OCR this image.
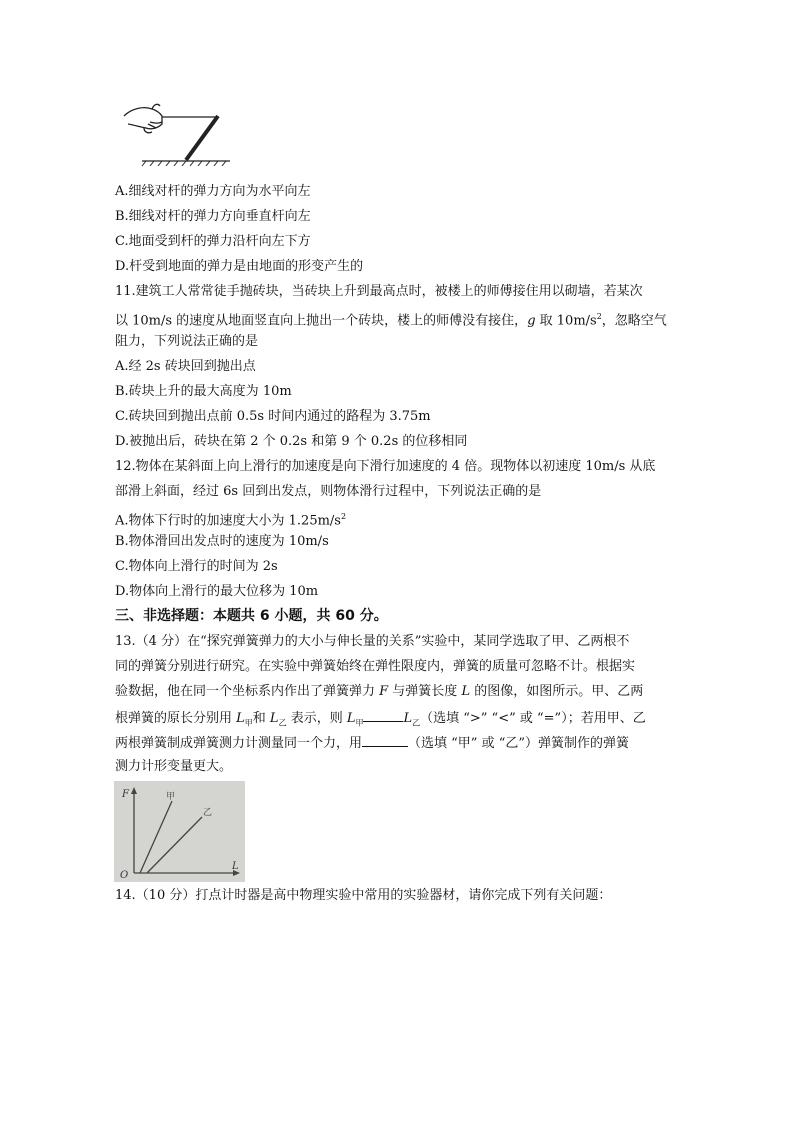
A.细线对杆的弹力方向为水平向左
B.细线对杆的弹力方向垂直杆向左
C.地面受到杆的弹力沿杆向左下方
D.杆受到地面的弹力是由地面的形变产生的
11.建筑工人常常徒手抛砖块，当砖块上升到最高点时，被楼上的师傅接住用以砌墙，若某次
以 10m/s 的速度从地面竖直向上抛出一个砖块，楼上的师傅没有接住，g 取 $10m/s^2$，忽略空气
阻力，下列说法正确的是
A.经 2s 砖块回到抛出点
B.砖块上升的最大高度为 10m
C.砖块回到抛出点前 0.5s 时间内通过的路程为 3.75m
D.被抛出后，砖块在第 2 个 0.2s 和第 9 个 0.2s 的位移相同
12.物体在某斜面上向上滑行的加速度是向下滑行加速度的 4 倍。现物体以初速度 10m/s 从底
部滑上斜面，经过 6s 回到出发点，则物体滑行过程中，下列说法正确的是
A.物体下行时的加速度大小为 $1.25m/s^2$
B.物体滑回出发点时的速度为 10m/s
C.物体向上滑行的时间为 2s
D.物体向上滑行的最大位移为 10m
三、非选择题：本题共 6 小题，共 60 分。
13.（4 分）在“探究弹簧弹力的大小与伸长量的关系”实验中，某同学选取了甲、乙两根不
同的弹簧分别进行研究。在实验中弹簧始终在弹性限度内，弹簧的质量可忽略不计。根据实
验数据，他在同一个坐标系内作出了弹簧弹力 F 与弹簧长度 L 的图像，如图所示。甲、乙两
根弹簧的原长分别用 $L_甲$和 $L_乙$ 表示，则 $L_甲$	$L_乙$（选填 “>” “<” 或 “=”）；若用甲、乙
两根弹簧制成弹簧测力计测量同一个力，用	（选填 “甲” 或 “乙”）弹簧制作的弹簧
测力计形变量更大。
F
L
O
甲
乙
14.（10 分）打点计时器是高中物理实验中常用的实验器材，请你完成下列有关问题：
